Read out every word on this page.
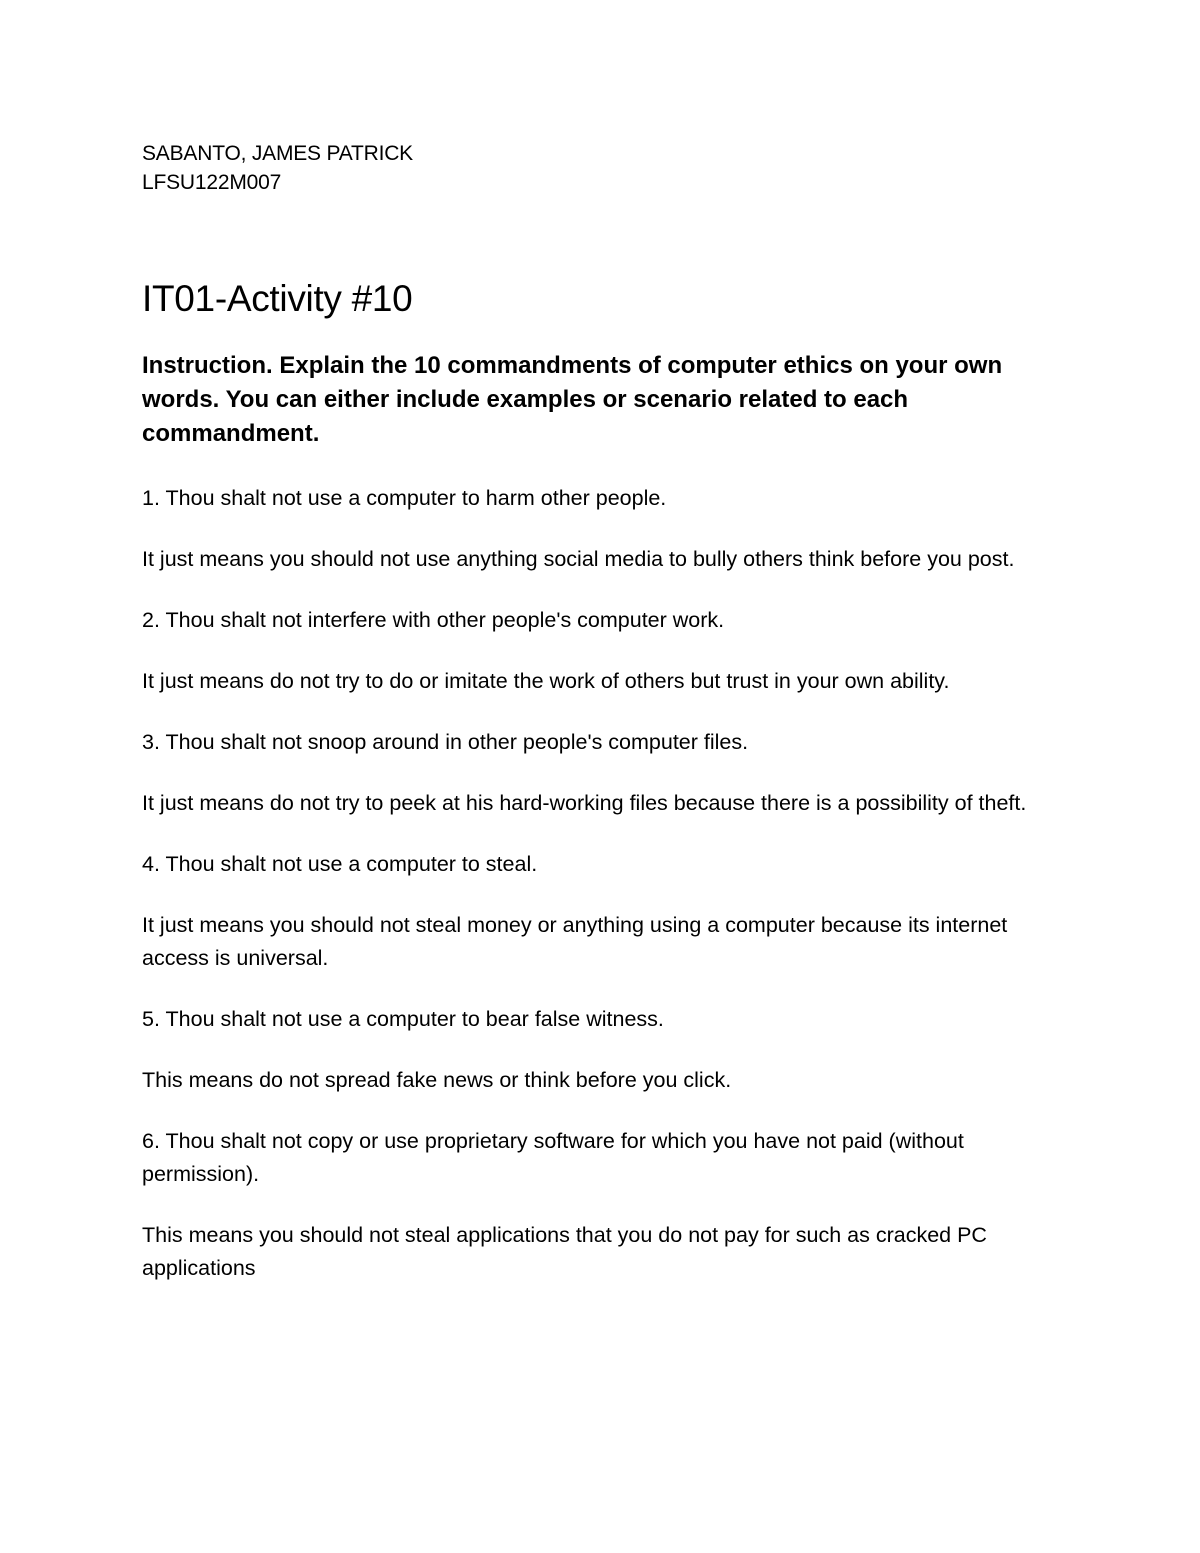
SABANTO, JAMES PATRICK
LFSU122M007
IT01-Activity #10

Instruction. Explain the 10 commandments of computer ethics on your own words. You can either include examples or scenario related to each commandment.

1. Thou shalt not use a computer to harm other people.

It just means you should not use anything social media to bully others think before you post.

2. Thou shalt not interfere with other people's computer work.

It just means do not try to do or imitate the work of others but trust in your own ability.

3. Thou shalt not snoop around in other people's computer files.

It just means do not try to peek at his hard-working files because there is a possibility of theft.

4. Thou shalt not use a computer to steal.

It just means you should not steal money or anything using a computer because its internet access is universal.

5. Thou shalt not use a computer to bear false witness.

This means do not spread fake news or think before you click.

6. Thou shalt not copy or use proprietary software for which you have not paid (without permission).

This means you should not steal applications that you do not pay for such as cracked PC applications
